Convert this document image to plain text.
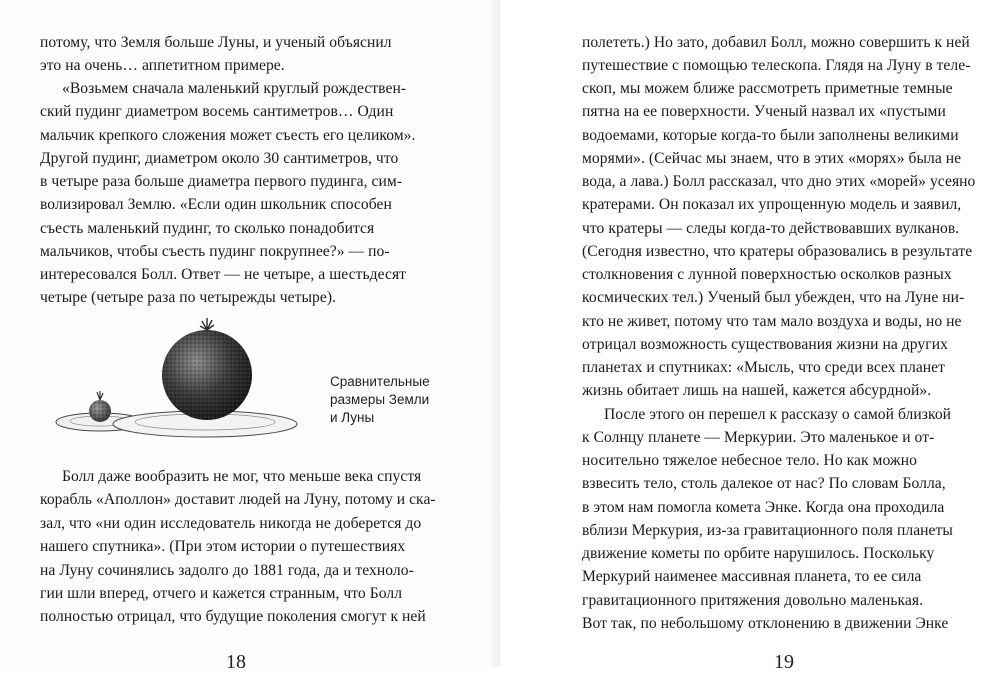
потому, что Земля больше Луны, и ученый объяснил
это на очень… аппетитном примере.
«Возьмем сначала маленький круглый рождествен-
ский пудинг диаметром восемь сантиметров… Один
мальчик крепкого сложения может съесть его целиком».
Другой пудинг, диаметром около 30 сантиметров, что
в четыре раза больше диаметра первого пудинга, сим-
волизировал Землю. «Если один школьник способен
съесть маленький пудинг, то сколько понадобится
мальчиков, чтобы съесть пудинг покрупнее?» — по-
интересовался Болл. Ответ — не четыре, а шестьдесят
четыре (четыре раза по четырежды четыре).
Сравнительные
размеры Земли
и Луны
Болл даже вообразить не мог, что меньше века спустя
корабль «Аполлон» доставит людей на Луну, потому и ска-
зал, что «ни один исследователь никогда не доберется до
нашего спутника». (При этом истории о путешествиях
на Луну сочинялись задолго до 1881 года, да и техноло-
гии шли вперед, отчего и кажется странным, что Болл
полностью отрицал, что будущие поколения смогут к ней
18
полететь.) Но зато, добавил Болл, можно совершить к ней
путешествие с помощью телескопа. Глядя на Луну в теле-
скоп, мы можем ближе рассмотреть приметные темные
пятна на ее поверхности. Ученый назвал их «пустыми
водоемами, которые когда-то были заполнены великими
морями». (Сейчас мы знаем, что в этих «морях» была не
вода, а лава.) Болл рассказал, что дно этих «морей» усеяно
кратерами. Он показал их упрощенную модель и заявил,
что кратеры — следы когда-то действовавших вулканов.
(Сегодня известно, что кратеры образовались в результате
столкновения с лунной поверхностью осколков разных
космических тел.) Ученый был убежден, что на Луне ни-
кто не живет, потому что там мало воздуха и воды, но не
отрицал возможность существования жизни на других
планетах и спутниках: «Мысль, что среди всех планет
жизнь обитает лишь на нашей, кажется абсурдной».
После этого он перешел к рассказу о самой близкой
к Солнцу планете — Меркурии. Это маленькое и от-
носительно тяжелое небесное тело. Но как можно
взвесить тело, столь далекое от нас? По словам Болла,
в этом нам помогла комета Энке. Когда она проходила
вблизи Меркурия, из-за гравитационного поля планеты
движение кометы по орбите нарушилось. Поскольку
Меркурий наименее массивная планета, то ее сила
гравитационного притяжения довольно маленькая.
Вот так, по небольшому отклонению в движении Энке
19
